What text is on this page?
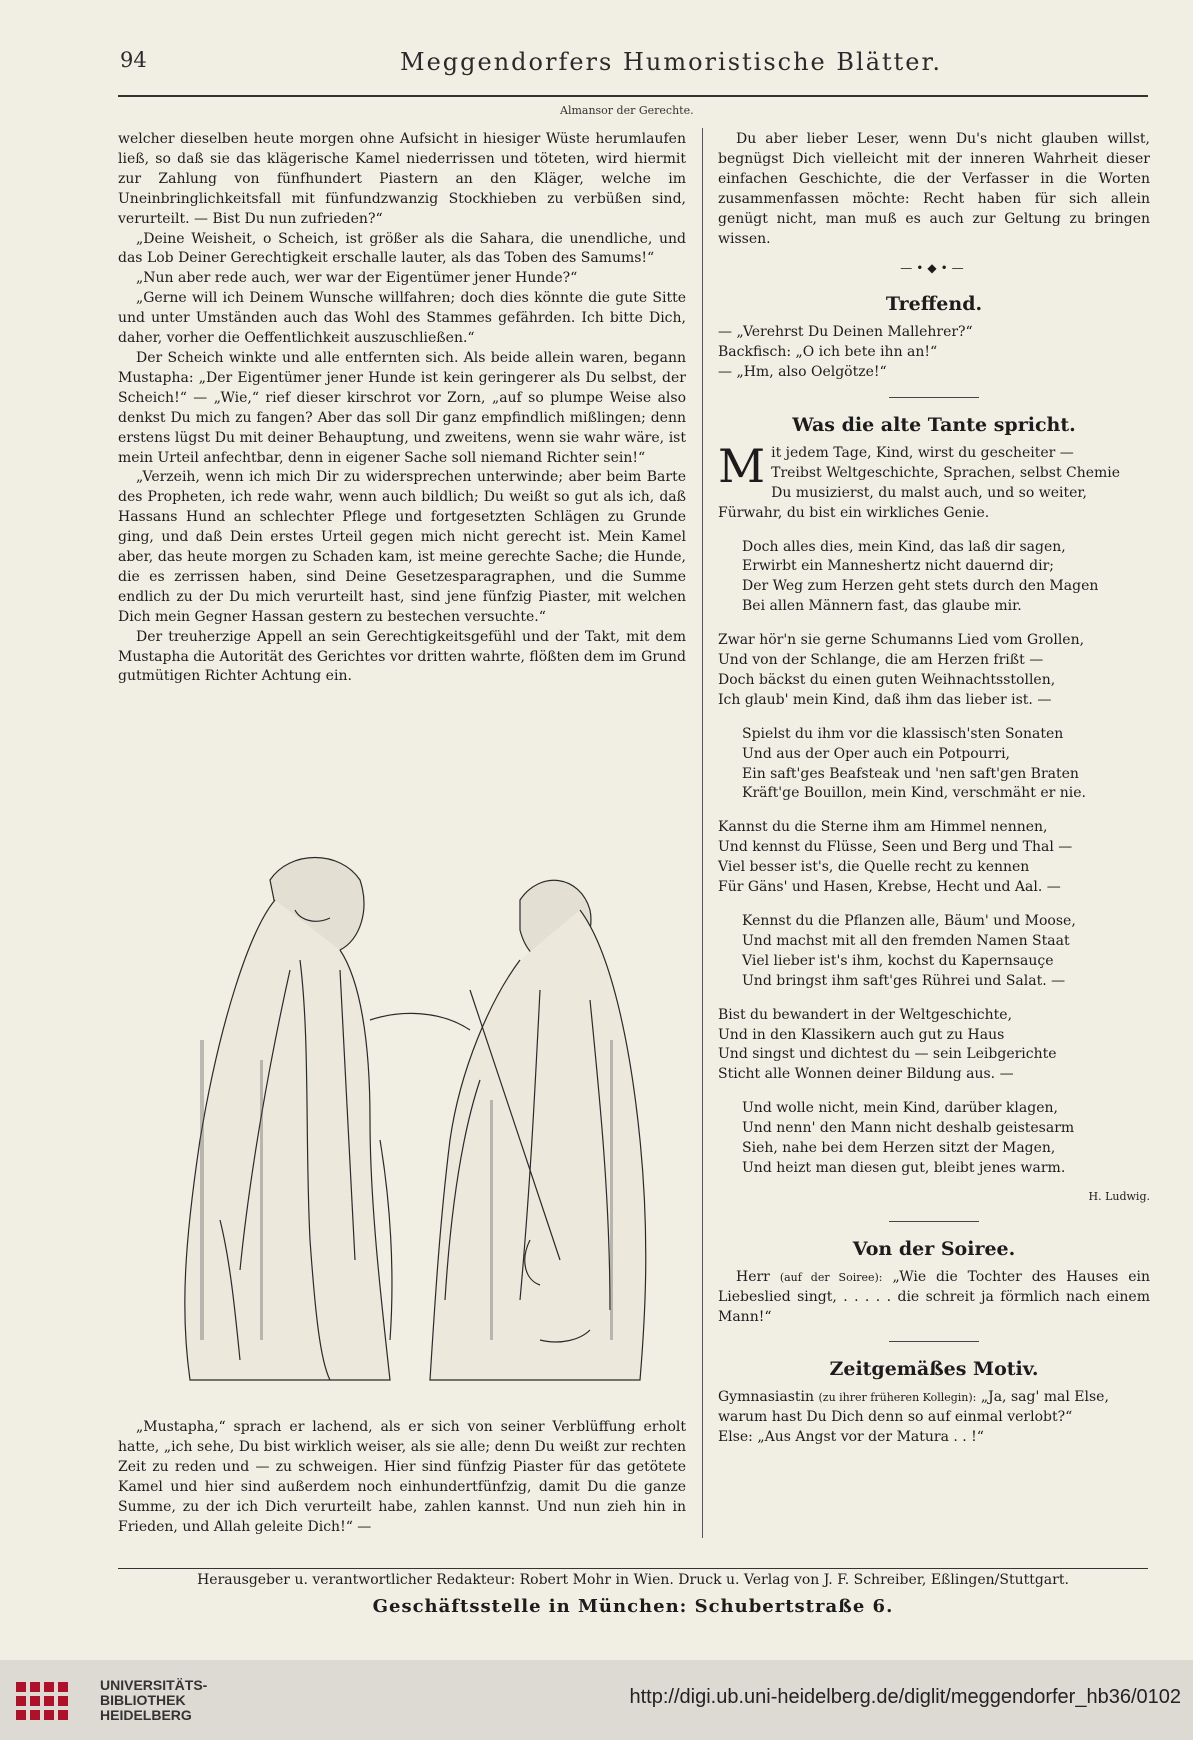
94	Meggendorfers Humoristische Blätter.
Almansor der Gerechte.

welcher dieselben heute morgen ohne Aufsicht in hiesiger Wüste herumlaufen ließ, so daß sie das klägerische Kamel niederrissen und töteten, wird hiermit zur Zahlung von fünfhundert Piastern an den Kläger, welche im Uneinbringlichkeitsfall mit fünfundzwanzig Stockhieben zu verbüßen sind, verurteilt. — Bist Du nun zufrieden?“

„Deine Weisheit, o Scheich, ist größer als die Sahara, die unendliche, und das Lob Deiner Gerechtigkeit erschalle lauter, als das Toben des Samums!“

„Nun aber rede auch, wer war der Eigentümer jener Hunde?“

„Gerne will ich Deinem Wunsche willfahren; doch dies könnte die gute Sitte und unter Umständen auch das Wohl des Stammes gefährden. Ich bitte Dich, daher, vorher die Oeffentlichkeit auszuschließen.“

Der Scheich winkte und alle entfernten sich. Als beide allein waren, begann Mustapha: „Der Eigentümer jener Hunde ist kein geringerer als Du selbst, der Scheich!“ — „Wie,“ rief dieser kirschrot vor Zorn, „auf so plumpe Weise also denkst Du mich zu fangen? Aber das soll Dir ganz empfindlich mißlingen; denn erstens lügst Du mit deiner Behauptung, und zweitens, wenn sie wahr wäre, ist mein Urteil anfechtbar, denn in eigener Sache soll niemand Richter sein!“

„Verzeih, wenn ich mich Dir zu widersprechen unterwinde; aber beim Barte des Propheten, ich rede wahr, wenn auch bildlich; Du weißt so gut als ich, daß Hassans Hund an schlechter Pflege und fortgesetzten Schlägen zu Grunde ging, und daß Dein erstes Urteil gegen mich nicht gerecht ist. Mein Kamel aber, das heute morgen zu Schaden kam, ist meine gerechte Sache; die Hunde, die es zerrissen haben, sind Deine Gesetzesparagraphen, und die Summe endlich zu der Du mich verurteilt hast, sind jene fünfzig Piaster, mit welchen Dich mein Gegner Hassan gestern zu bestechen versuchte.“

Der treuherzige Appell an sein Gerechtigkeitsgefühl und der Takt, mit dem Mustapha die Autorität des Gerichtes vor dritten wahrte, flößten dem im Grund gutmütigen Richter Achtung ein.

„Mustapha,“ sprach er lachend, als er sich von seiner Verblüffung erholt hatte, „ich sehe, Du bist wirklich weiser, als sie alle; denn Du weißt zur rechten Zeit zu reden und — zu schweigen. Hier sind fünfzig Piaster für das getötete Kamel und hier sind außerdem noch einhundertfünfzig, damit Du die ganze Summe, zu der ich Dich verurteilt habe, zahlen kannst. Und nun zieh hin in Frieden, und Allah geleite Dich!“ —

Du aber lieber Leser, wenn Du's nicht glauben willst, begnügst Dich vielleicht mit der inneren Wahrheit dieser einfachen Geschichte, die der Verfasser in die Worten zusammenfassen möchte: Recht haben für sich allein genügt nicht, man muß es auch zur Geltung zu bringen wissen.

—•◆•—
Treffend.
— „Verehrst Du Deinen Mallehrer?“
Backfisch: „O ich bete ihn an!“
— „Hm, also Oelgötze!“
Was die alte Tante spricht.
M it jedem Tage, Kind, wirst du gescheiter —
Treibst Weltgeschichte, Sprachen, selbst Chemie
Du musizierst, du malst auch, und so weiter,
Fürwahr, du bist ein wirkliches Genie.
Doch alles dies, mein Kind, das laß dir sagen,
Erwirbt ein Manneshertz nicht dauernd dir;
Der Weg zum Herzen geht stets durch den Magen
Bei allen Männern fast, das glaube mir.
Zwar hör'n sie gerne Schumanns Lied vom Grollen,
Und von der Schlange, die am Herzen frißt —
Doch bäckst du einen guten Weihnachtsstollen,
Ich glaub' mein Kind, daß ihm das lieber ist. —
Spielst du ihm vor die klassisch'sten Sonaten
Und aus der Oper auch ein Potpourri,
Ein saft'ges Beafsteak und 'nen saft'gen Braten
Kräft'ge Bouillon, mein Kind, verschmäht er nie.
Kannst du die Sterne ihm am Himmel nennen,
Und kennst du Flüsse, Seen und Berg und Thal —
Viel besser ist's, die Quelle recht zu kennen
Für Gäns' und Hasen, Krebse, Hecht und Aal. —
Kennst du die Pflanzen alle, Bäum' und Moose,
Und machst mit all den fremden Namen Staat
Viel lieber ist's ihm, kochst du Kapernsauçe
Und bringst ihm saft'ges Rührei und Salat. —
Bist du bewandert in der Weltgeschichte,
Und in den Klassikern auch gut zu Haus
Und singst und dichtest du — sein Leibgerichte
Sticht alle Wonnen deiner Bildung aus. —
Und wolle nicht, mein Kind, darüber klagen,
Und nenn' den Mann nicht deshalb geistesarm
Sieh, nahe bei dem Herzen sitzt der Magen,
Und heizt man diesen gut, bleibt jenes warm.
H. Ludwig.
Von der Soiree.

Herr (auf der Soiree): „Wie die Tochter des Hauses ein Liebeslied singt, . . . . . die schreit ja förmlich nach einem Mann!“

Zeitgemäßes Motiv.

Gymnasiastin (zu ihrer früheren Kollegin): „Ja, sag' mal Else, warum hast Du Dich denn so auf einmal verlobt?“

Else: „Aus Angst vor der Matura . . !“

Herausgeber u. verantwortlicher Redakteur: Robert Mohr in Wien. Druck u. Verlag von J. F. Schreiber, Eßlingen/Stuttgart.
Geschäftsstelle in München: Schubertstraße 6.
UNIVERSITÄTS-
BIBLIOTHEK
HEIDELBERG
http://digi.ub.uni-heidelberg.de/diglit/meggendorfer_hb36/0102
